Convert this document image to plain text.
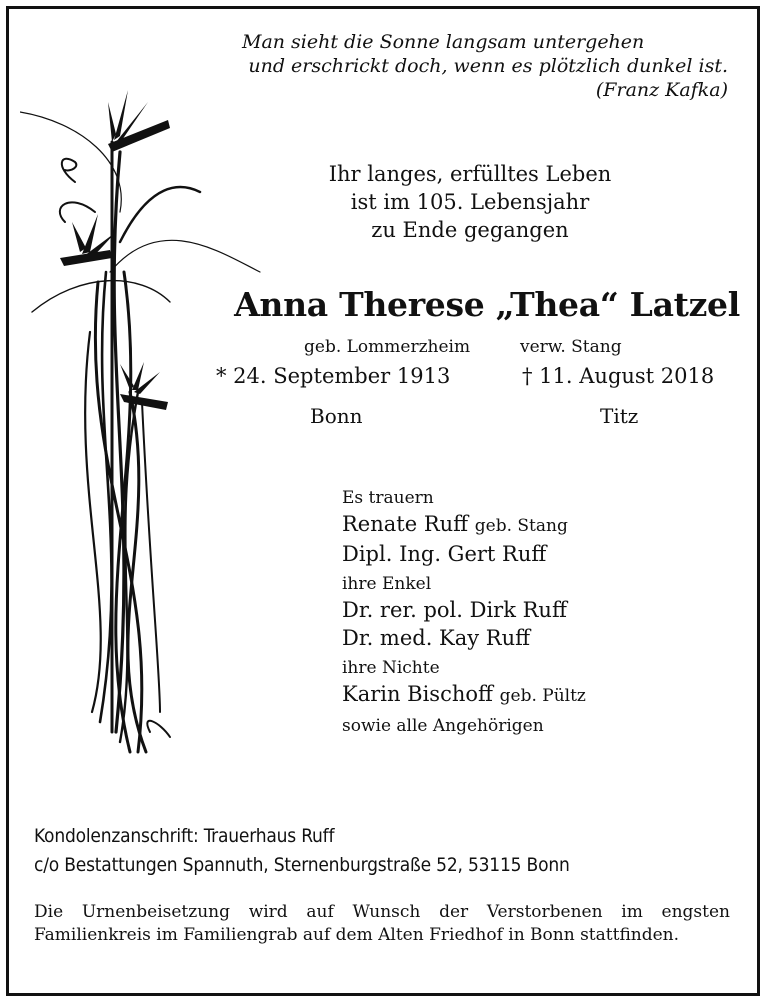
Man sieht die Sonne langsam untergehen
und erschrickt doch, wenn es plötzlich dunkel ist.
(Franz Kafka)
Ihr langes, erfülltes Leben
ist im 105. Lebensjahr
zu Ende gegangen
Anna Therese „Thea“ Latzel
geb. Lommerzheim	verw. Stang
* 24. September 1913	† 11. August 2018
Bonn	Titz
Es trauern
Renate Ruff geb. Stang
Dipl. Ing. Gert Ruff
ihre Enkel
Dr. rer. pol. Dirk Ruff
Dr. med. Kay Ruff
ihre Nichte
Karin Bischoff geb. Pültz
sowie alle Angehörigen
Kondolenzanschrift: Trauerhaus Ruff
c/o Bestattungen Spannuth, Sternenburgstraße 52, 53115 Bonn
Die Urnenbeisetzung wird auf Wunsch der Verstorbenen im engsten Familienkreis im Familiengrab auf dem Alten Friedhof in Bonn stattfinden.
